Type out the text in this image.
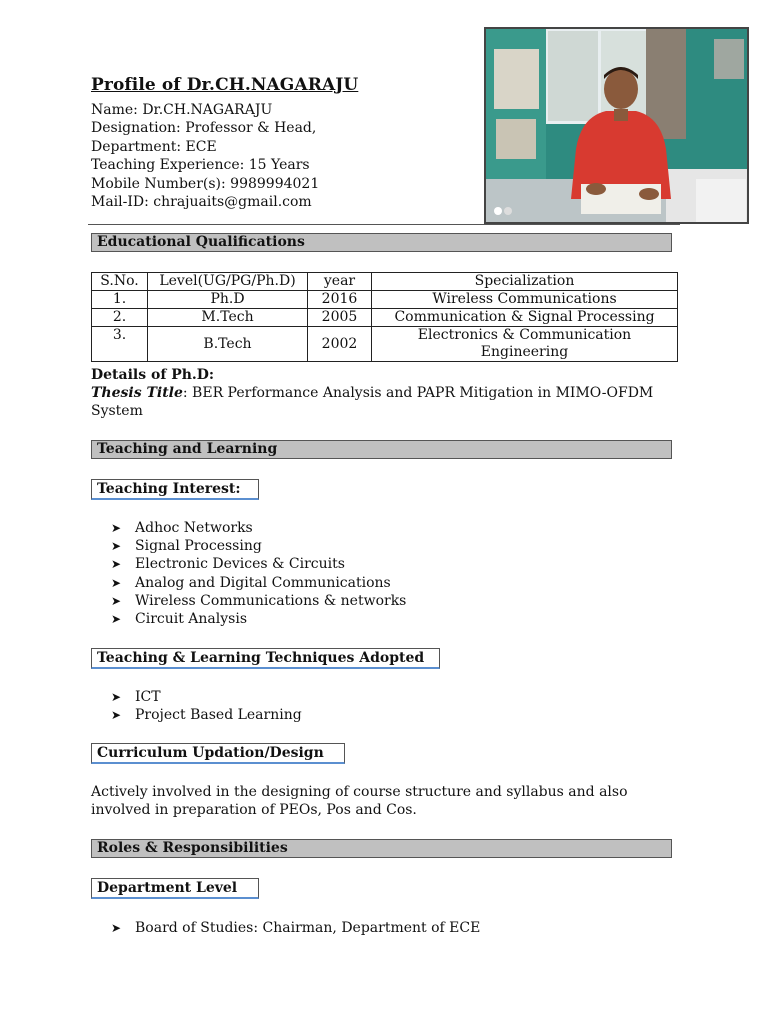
Profile of Dr.CH.NAGARAJU
Name: Dr.CH.NAGARAJU
Designation: Professor & Head,
Department: ECE
Teaching Experience: 15 Years
Mobile Number(s): 9989994021
Mail-ID: chrajuaits@gmail.com
Educational Qualifications
S.No.	Level(UG/PG/Ph.D)	year	Specialization
1.	Ph.D	2016	Wireless Communications
2.	M.Tech	2005	Communication & Signal Processing
3.	B.Tech	2002	Electronics & Communication Engineering
Details of Ph.D:
Thesis Title: BER Performance Analysis and PAPR Mitigation in MIMO-OFDM System
Teaching and Learning
Teaching Interest:
➤ Adhoc Networks
➤ Signal Processing
➤ Electronic Devices & Circuits
➤ Analog and Digital Communications
➤ Wireless Communications & networks
➤ Circuit Analysis
Teaching & Learning Techniques Adopted
➤ ICT
➤ Project Based Learning
Curriculum Updation/Design
Actively involved in the designing of course structure and syllabus and also involved in preparation of PEOs, Pos and Cos.
Roles & Responsibilities
Department Level
➤ Board of Studies: Chairman, Department of ECE
